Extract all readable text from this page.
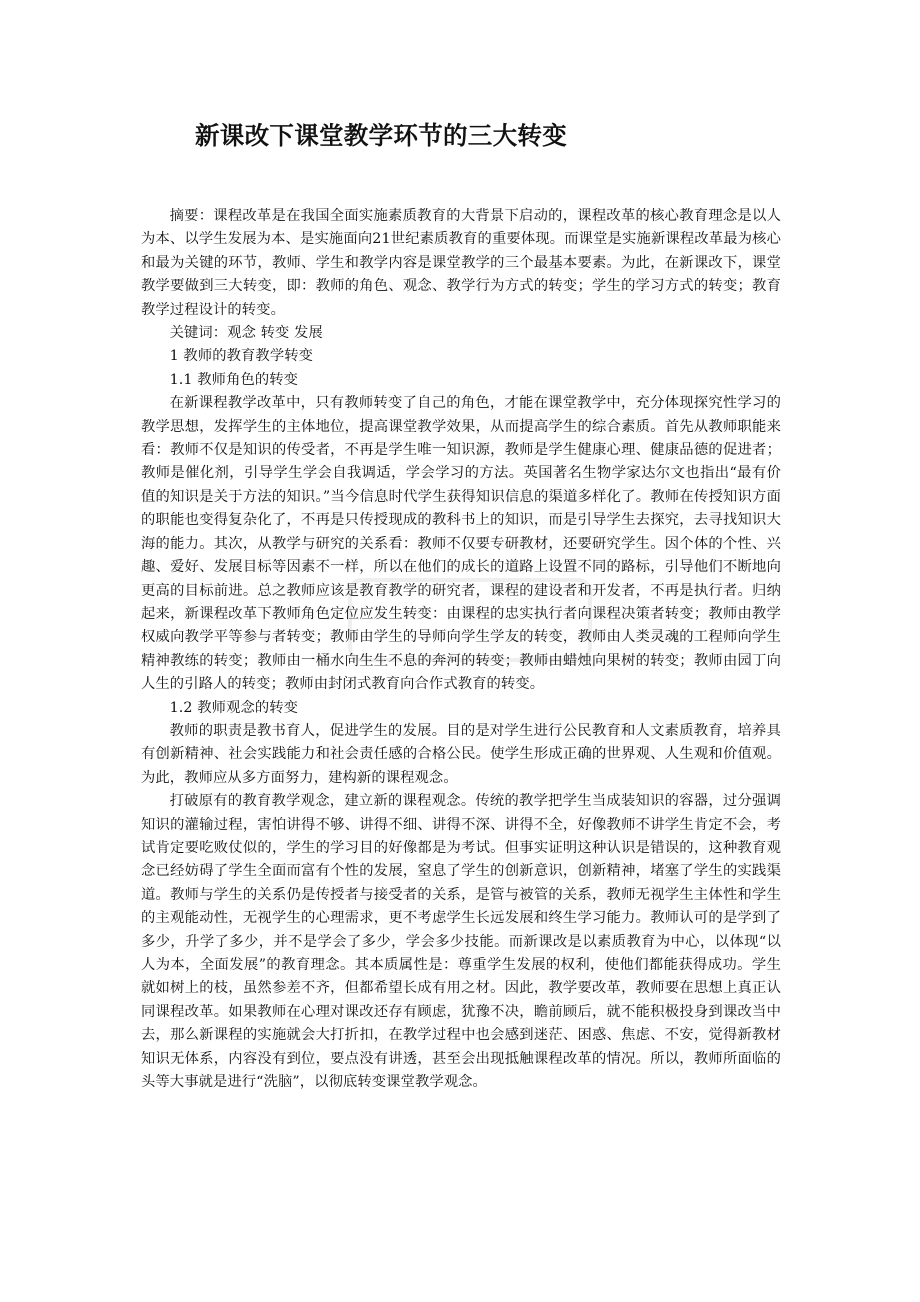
新课改下课堂教学环节的三大转变

摘要：课程改革是在我国全面实施素质教育的大背景下启动的，课程改革的核心教育理念是以人为本、以学生发展为本、是实施面向21世纪素质教育的重要体现。而课堂是实施新课程改革最为核心和最为关键的环节，教师、学生和教学内容是课堂教学的三个最基本要素。为此，在新课改下，课堂教学要做到三大转变，即：教师的角色、观念、教学行为方式的转变；学生的学习方式的转变；教育教学过程设计的转变。

关键词：观念 转变 发展

1 教师的教育教学转变

1.1 教师角色的转变

在新课程教学改革中，只有教师转变了自己的角色，才能在课堂教学中，充分体现探究性学习的教学思想，发挥学生的主体地位，提高课堂教学效果，从而提高学生的综合素质。首先从教师职能来看：教师不仅是知识的传受者，不再是学生唯一知识源，教师是学生健康心理、健康品德的促进者；教师是催化剂，引导学生学会自我调适，学会学习的方法。英国著名生物学家达尔文也指出“最有价值的知识是关于方法的知识。”当今信息时代学生获得知识信息的渠道多样化了。教师在传授知识方面的职能也变得复杂化了，不再是只传授现成的教科书上的知识，而是引导学生去探究，去寻找知识大海的能力。其次，从教学与研究的关系看：教师不仅要专研教材，还要研究学生。因个体的个性、兴趣、爱好、发展目标等因素不一样，所以在他们的成长的道路上设置不同的路标，引导他们不断地向更高的目标前进。总之教师应该是教育教学的研究者，课程的建设者和开发者，不再是执行者。归纳起来，新课程改革下教师角色定位应发生转变：由课程的忠实执行者向课程决策者转变；教师由教学权威向教学平等参与者转变；教师由学生的导师向学生学友的转变，教师由人类灵魂的工程师向学生精神教练的转变；教师由一桶水向生生不息的奔河的转变；教师由蜡烛向果树的转变；教师由园丁向人生的引路人的转变；教师由封闭式教育向合作式教育的转变。

1.2 教师观念的转变

教师的职责是教书育人，促进学生的发展。目的是对学生进行公民教育和人文素质教育，培养具有创新精神、社会实践能力和社会责任感的合格公民。使学生形成正确的世界观、人生观和价值观。为此，教师应从多方面努力，建构新的课程观念。

打破原有的教育教学观念，建立新的课程观念。传统的教学把学生当成装知识的容器，过分强调知识的灌输过程，害怕讲得不够、讲得不细、讲得不深、讲得不全，好像教师不讲学生肯定不会，考试肯定要吃败仗似的，学生的学习目的好像都是为考试。但事实证明这种认识是错误的，这种教育观念已经妨碍了学生全面而富有个性的发展，窒息了学生的创新意识，创新精神，堵塞了学生的实践渠道。教师与学生的关系仍是传授者与接受者的关系，是管与被管的关系，教师无视学生主体性和学生的主观能动性，无视学生的心理需求，更不考虑学生长远发展和终生学习能力。教师认可的是学到了多少，升学了多少，并不是学会了多少，学会多少技能。而新课改是以素质教育为中心，以体现“以人为本，全面发展”的教育理念。其本质属性是：尊重学生发展的权利，使他们都能获得成功。学生就如树上的枝，虽然参差不齐，但都希望长成有用之材。因此，教学要改革，教师要在思想上真正认同课程改革。如果教师在心理对课改还存有顾虑，犹豫不决，瞻前顾后，就不能积极投身到课改当中去，那么新课程的实施就会大打折扣，在教学过程中也会感到迷茫、困惑、焦虑、不安，觉得新教材知识无体系，内容没有到位，要点没有讲透，甚至会出现抵触课程改革的情况。所以，教师所面临的头等大事就是进行“洗脑”，以彻底转变课堂教学观念。
